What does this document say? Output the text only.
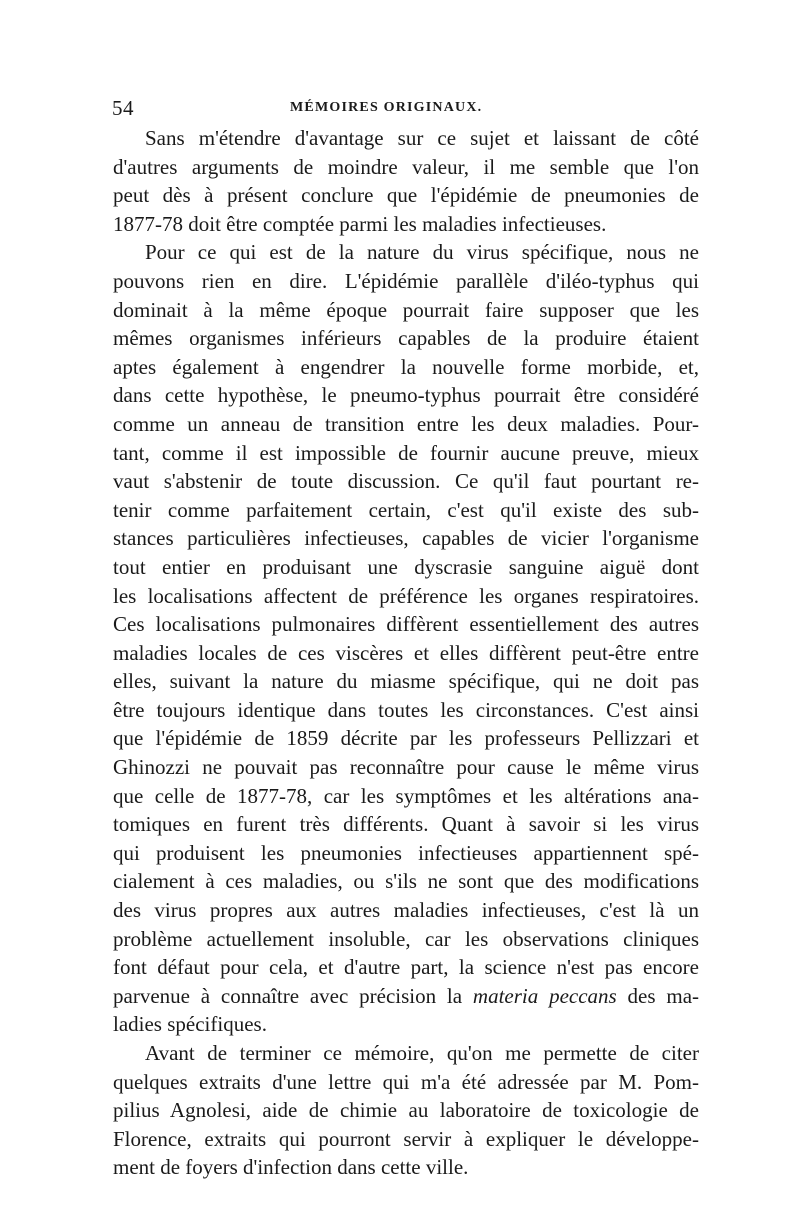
54	MÉMOIRES ORIGINAUX.
Sans m'étendre d'avantage sur ce sujet et laissant de côté
d'autres arguments de moindre valeur, il me semble que l'on
peut dès à présent conclure que l'épidémie de pneumonies de
1877-78 doit être comptée parmi les maladies infectieuses.
Pour ce qui est de la nature du virus spécifique, nous ne
pouvons rien en dire. L'épidémie parallèle d'iléo-typhus qui
dominait à la même époque pourrait faire supposer que les
mêmes organismes inférieurs capables de la produire étaient
aptes également à engendrer la nouvelle forme morbide, et,
dans cette hypothèse, le pneumo-typhus pourrait être considéré
comme un anneau de transition entre les deux maladies. Pour-
tant, comme il est impossible de fournir aucune preuve, mieux
vaut s'abstenir de toute discussion. Ce qu'il faut pourtant re-
tenir comme parfaitement certain, c'est qu'il existe des sub-
stances particulières infectieuses, capables de vicier l'organisme
tout entier en produisant une dyscrasie sanguine aiguë dont
les localisations affectent de préférence les organes respiratoires.
Ces localisations pulmonaires diffèrent essentiellement des autres
maladies locales de ces viscères et elles diffèrent peut-être entre
elles, suivant la nature du miasme spécifique, qui ne doit pas
être toujours identique dans toutes les circonstances. C'est ainsi
que l'épidémie de 1859 décrite par les professeurs Pellizzari et
Ghinozzi ne pouvait pas reconnaître pour cause le même virus
que celle de 1877-78, car les symptômes et les altérations ana-
tomiques en furent très différents. Quant à savoir si les virus
qui produisent les pneumonies infectieuses appartiennent spé-
cialement à ces maladies, ou s'ils ne sont que des modifications
des virus propres aux autres maladies infectieuses, c'est là un
problème actuellement insoluble, car les observations cliniques
font défaut pour cela, et d'autre part, la science n'est pas encore
parvenue à connaître avec précision la materia peccans des ma-
ladies spécifiques.
Avant de terminer ce mémoire, qu'on me permette de citer
quelques extraits d'une lettre qui m'a été adressée par M. Pom-
pilius Agnolesi, aide de chimie au laboratoire de toxicologie de
Florence, extraits qui pourront servir à expliquer le développe-
ment de foyers d'infection dans cette ville.
